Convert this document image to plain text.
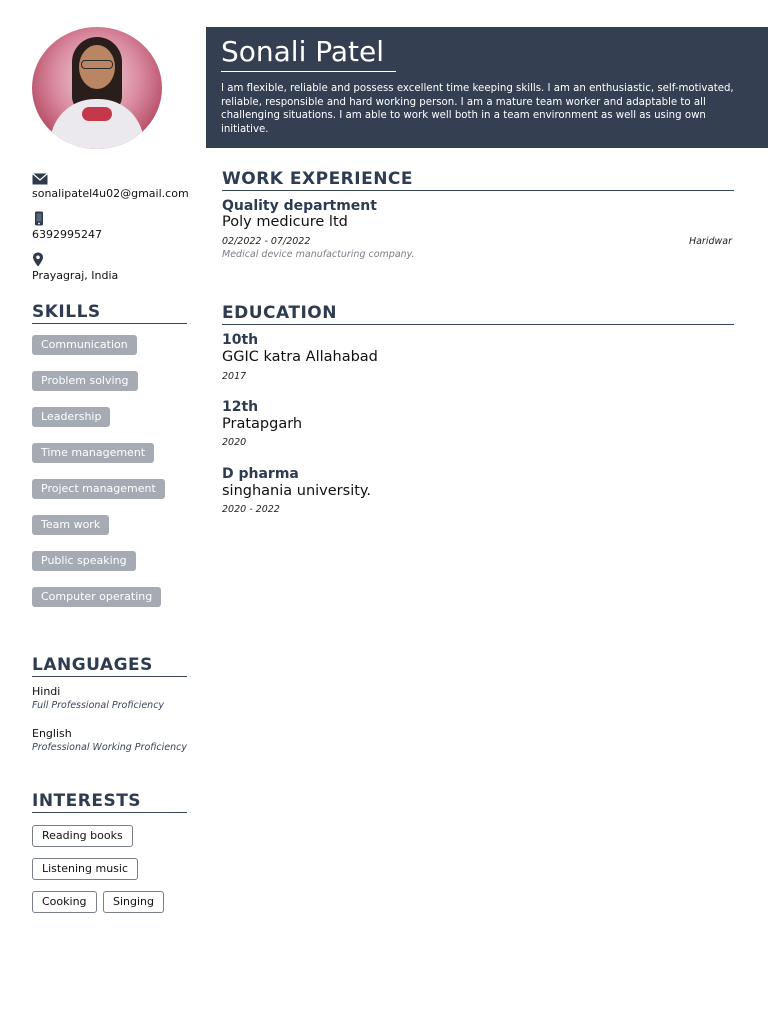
sonalipatel4u02@gmail.com
6392995247
Prayagraj, India
SKILLS
Communication
Problem solving
Leadership
Time management
Project management
Team work
Public speaking
Computer operating
LANGUAGES
Hindi
Full Professional Proficiency
English
Professional Working Proficiency
INTERESTS
Reading books
Listening music
Cooking	Singing
Sonali Patel
I am flexible, reliable and possess excellent time keeping skills. I am an enthusiastic, self-motivated, reliable, responsible and hard working person. I am a mature team worker and adaptable to all challenging situations. I am able to work well both in a team environment as well as using own initiative.
WORK EXPERIENCE
Quality department
Poly medicure ltd
02/2022 - 07/2022	Haridwar
Medical device manufacturing company.
EDUCATION
10th
GGIC katra Allahabad
2017
12th
Pratapgarh
2020
D pharma
singhania university.
2020 - 2022
